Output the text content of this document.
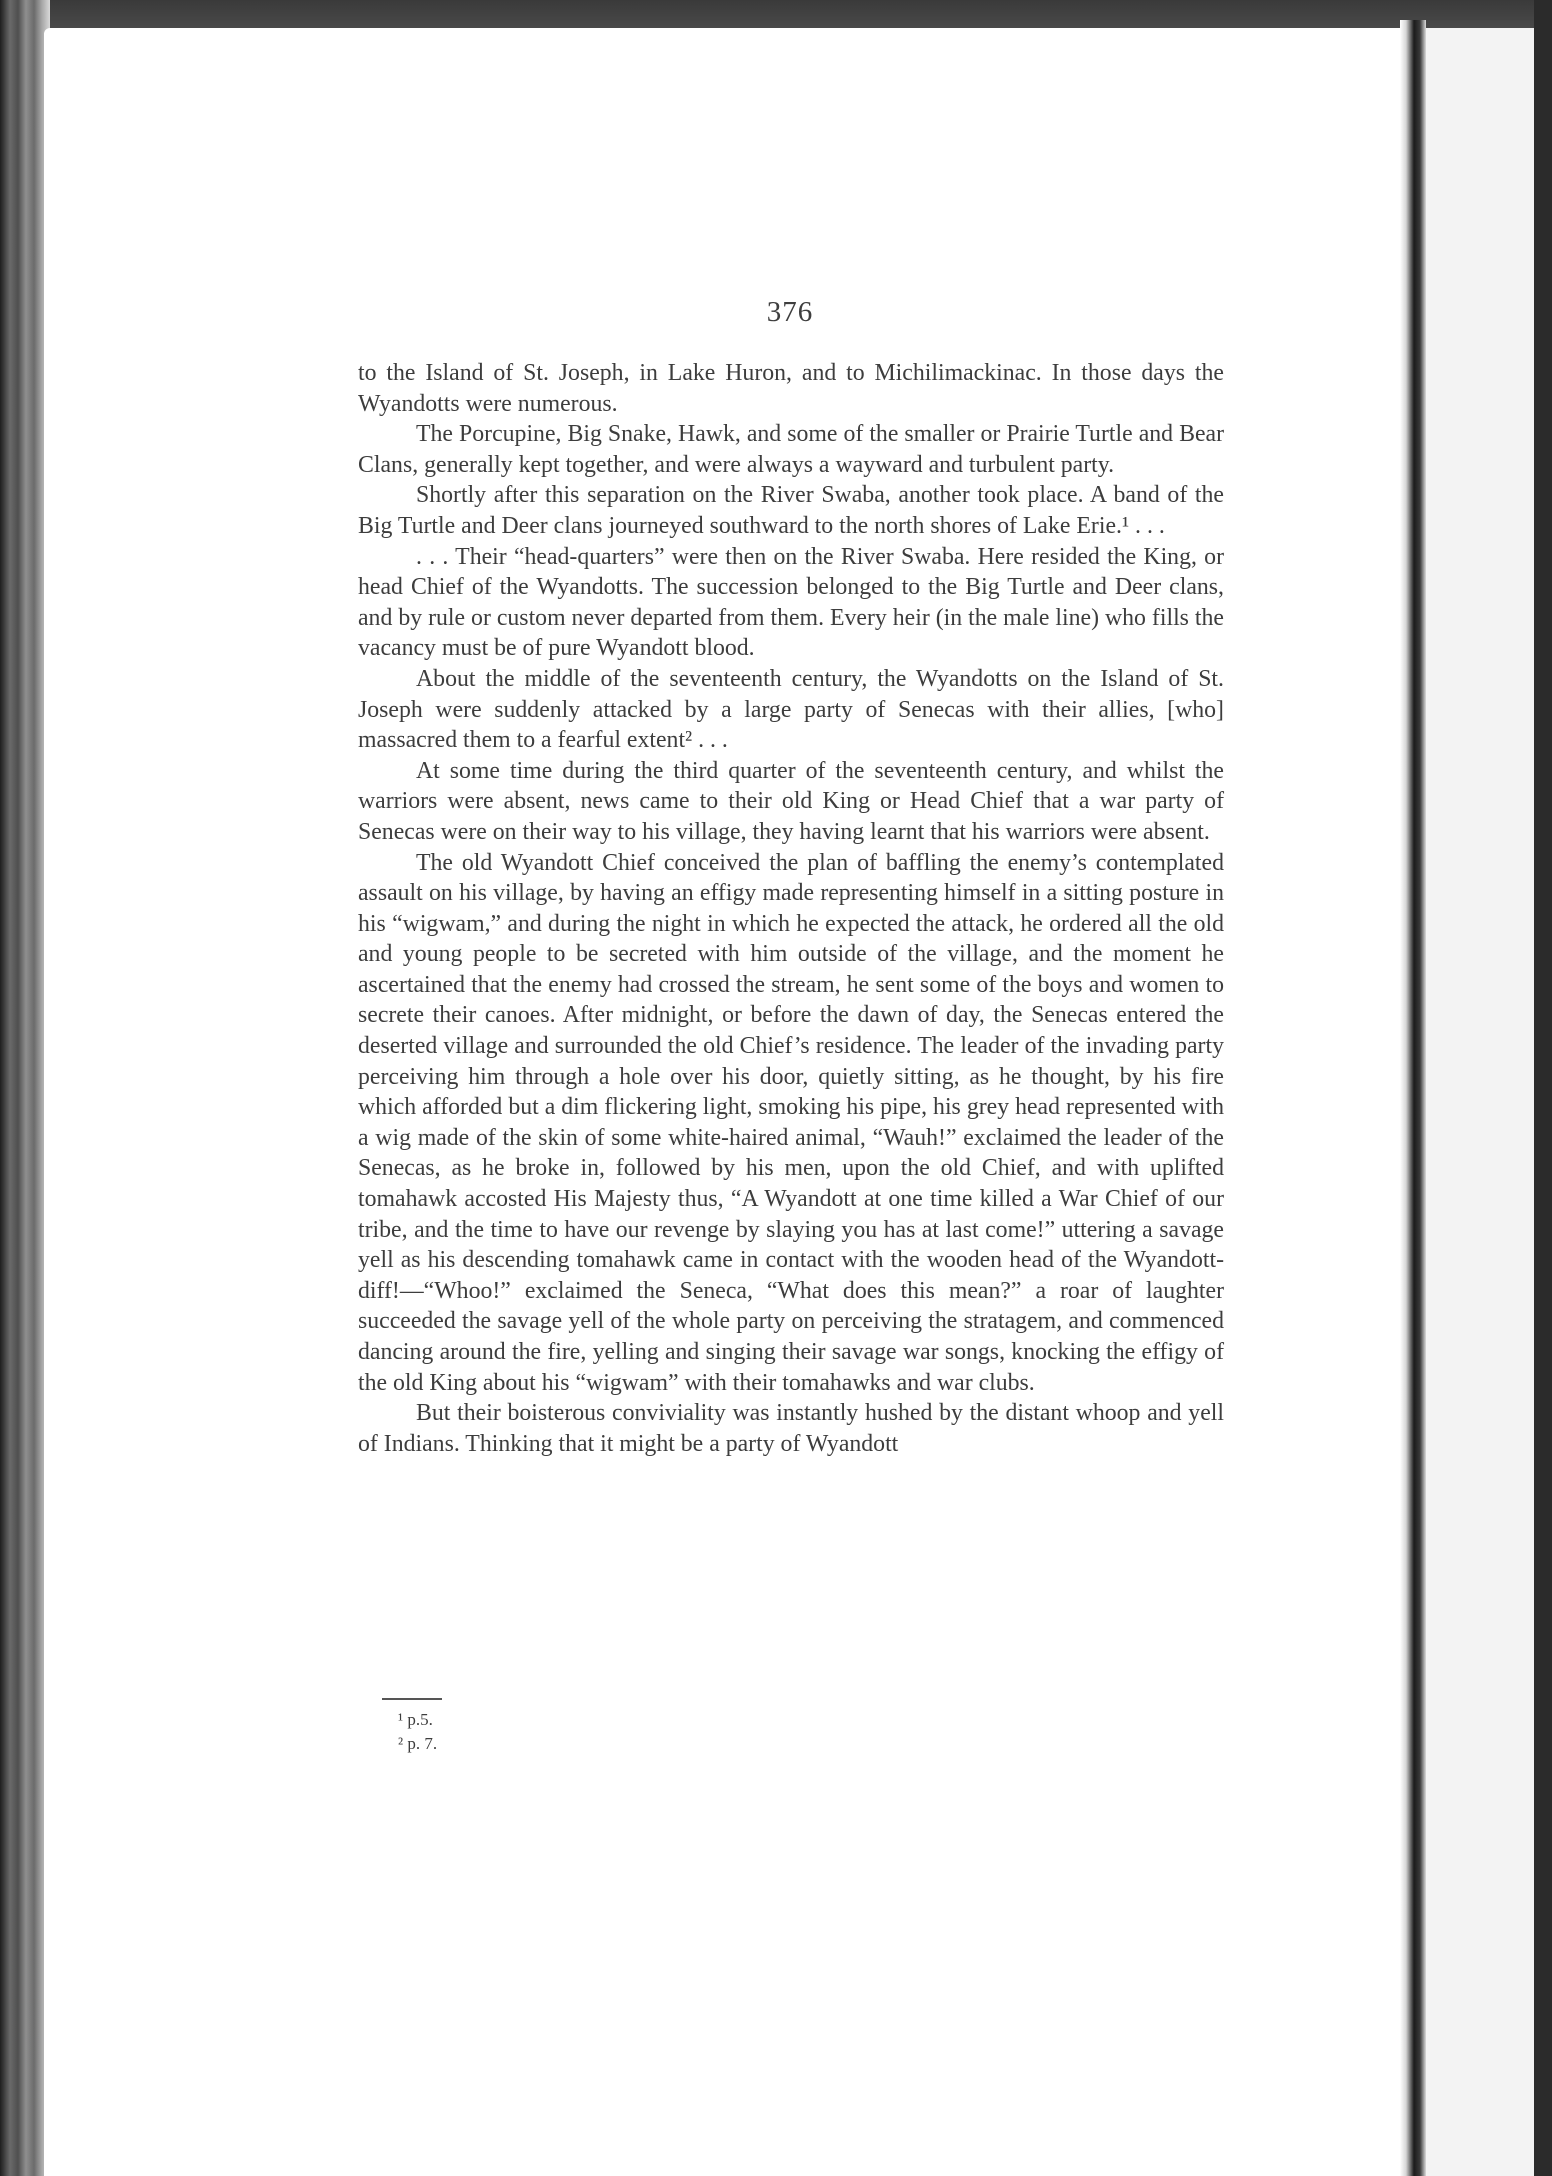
376

to the Island of St. Joseph, in Lake Huron, and to Michilimackinac. In those days the Wyandotts were numerous.

The Porcupine, Big Snake, Hawk, and some of the smaller or Prairie Turtle and Bear Clans, generally kept together, and were always a wayward and turbulent party.

Shortly after this separation on the River Swaba, another took place. A band of the Big Turtle and Deer clans journeyed southward to the north shores of Lake Erie.¹ . . .

. . . Their “head-quarters” were then on the River Swaba. Here resided the King, or head Chief of the Wyandotts. The succession belonged to the Big Turtle and Deer clans, and by rule or custom never departed from them. Every heir (in the male line) who fills the vacancy must be of pure Wyandott blood.

About the middle of the seventeenth century, the Wyandotts on the Island of St. Joseph were suddenly attacked by a large party of Senecas with their allies, [who] massacred them to a fearful extent² . . .

At some time during the third quarter of the seventeenth century, and whilst the warriors were absent, news came to their old King or Head Chief that a war party of Senecas were on their way to his village, they having learnt that his warriors were absent.

The old Wyandott Chief conceived the plan of baffling the enemy’s contemplated assault on his village, by having an effigy made representing himself in a sitting posture in his “wigwam,” and during the night in which he expected the attack, he ordered all the old and young people to be secreted with him outside of the village, and the moment he ascertained that the enemy had crossed the stream, he sent some of the boys and women to secrete their canoes. After midnight, or before the dawn of day, the Senecas entered the deserted village and surrounded the old Chief’s residence. The leader of the invading party perceiving him through a hole over his door, quietly sitting, as he thought, by his fire which afforded but a dim flickering light, smoking his pipe, his grey head represented with a wig made of the skin of some white-haired animal, “Wauh!” exclaimed the leader of the Senecas, as he broke in, followed by his men, upon the old Chief, and with uplifted tomahawk accosted His Majesty thus, “A Wyandott at one time killed a War Chief of our tribe, and the time to have our revenge by slaying you has at last come!” uttering a savage yell as his descending tomahawk came in contact with the wooden head of the Wyandott-diff!—“Whoo!” exclaimed the Seneca, “What does this mean?” a roar of laughter succeeded the savage yell of the whole party on perceiving the stratagem, and commenced dancing around the fire, yelling and singing their savage war songs, knocking the effigy of the old King about his “wigwam” with their tomahawks and war clubs.

But their boisterous conviviality was instantly hushed by the distant whoop and yell of Indians. Thinking that it might be a party of Wyandott

¹ p.5.
² p. 7.
